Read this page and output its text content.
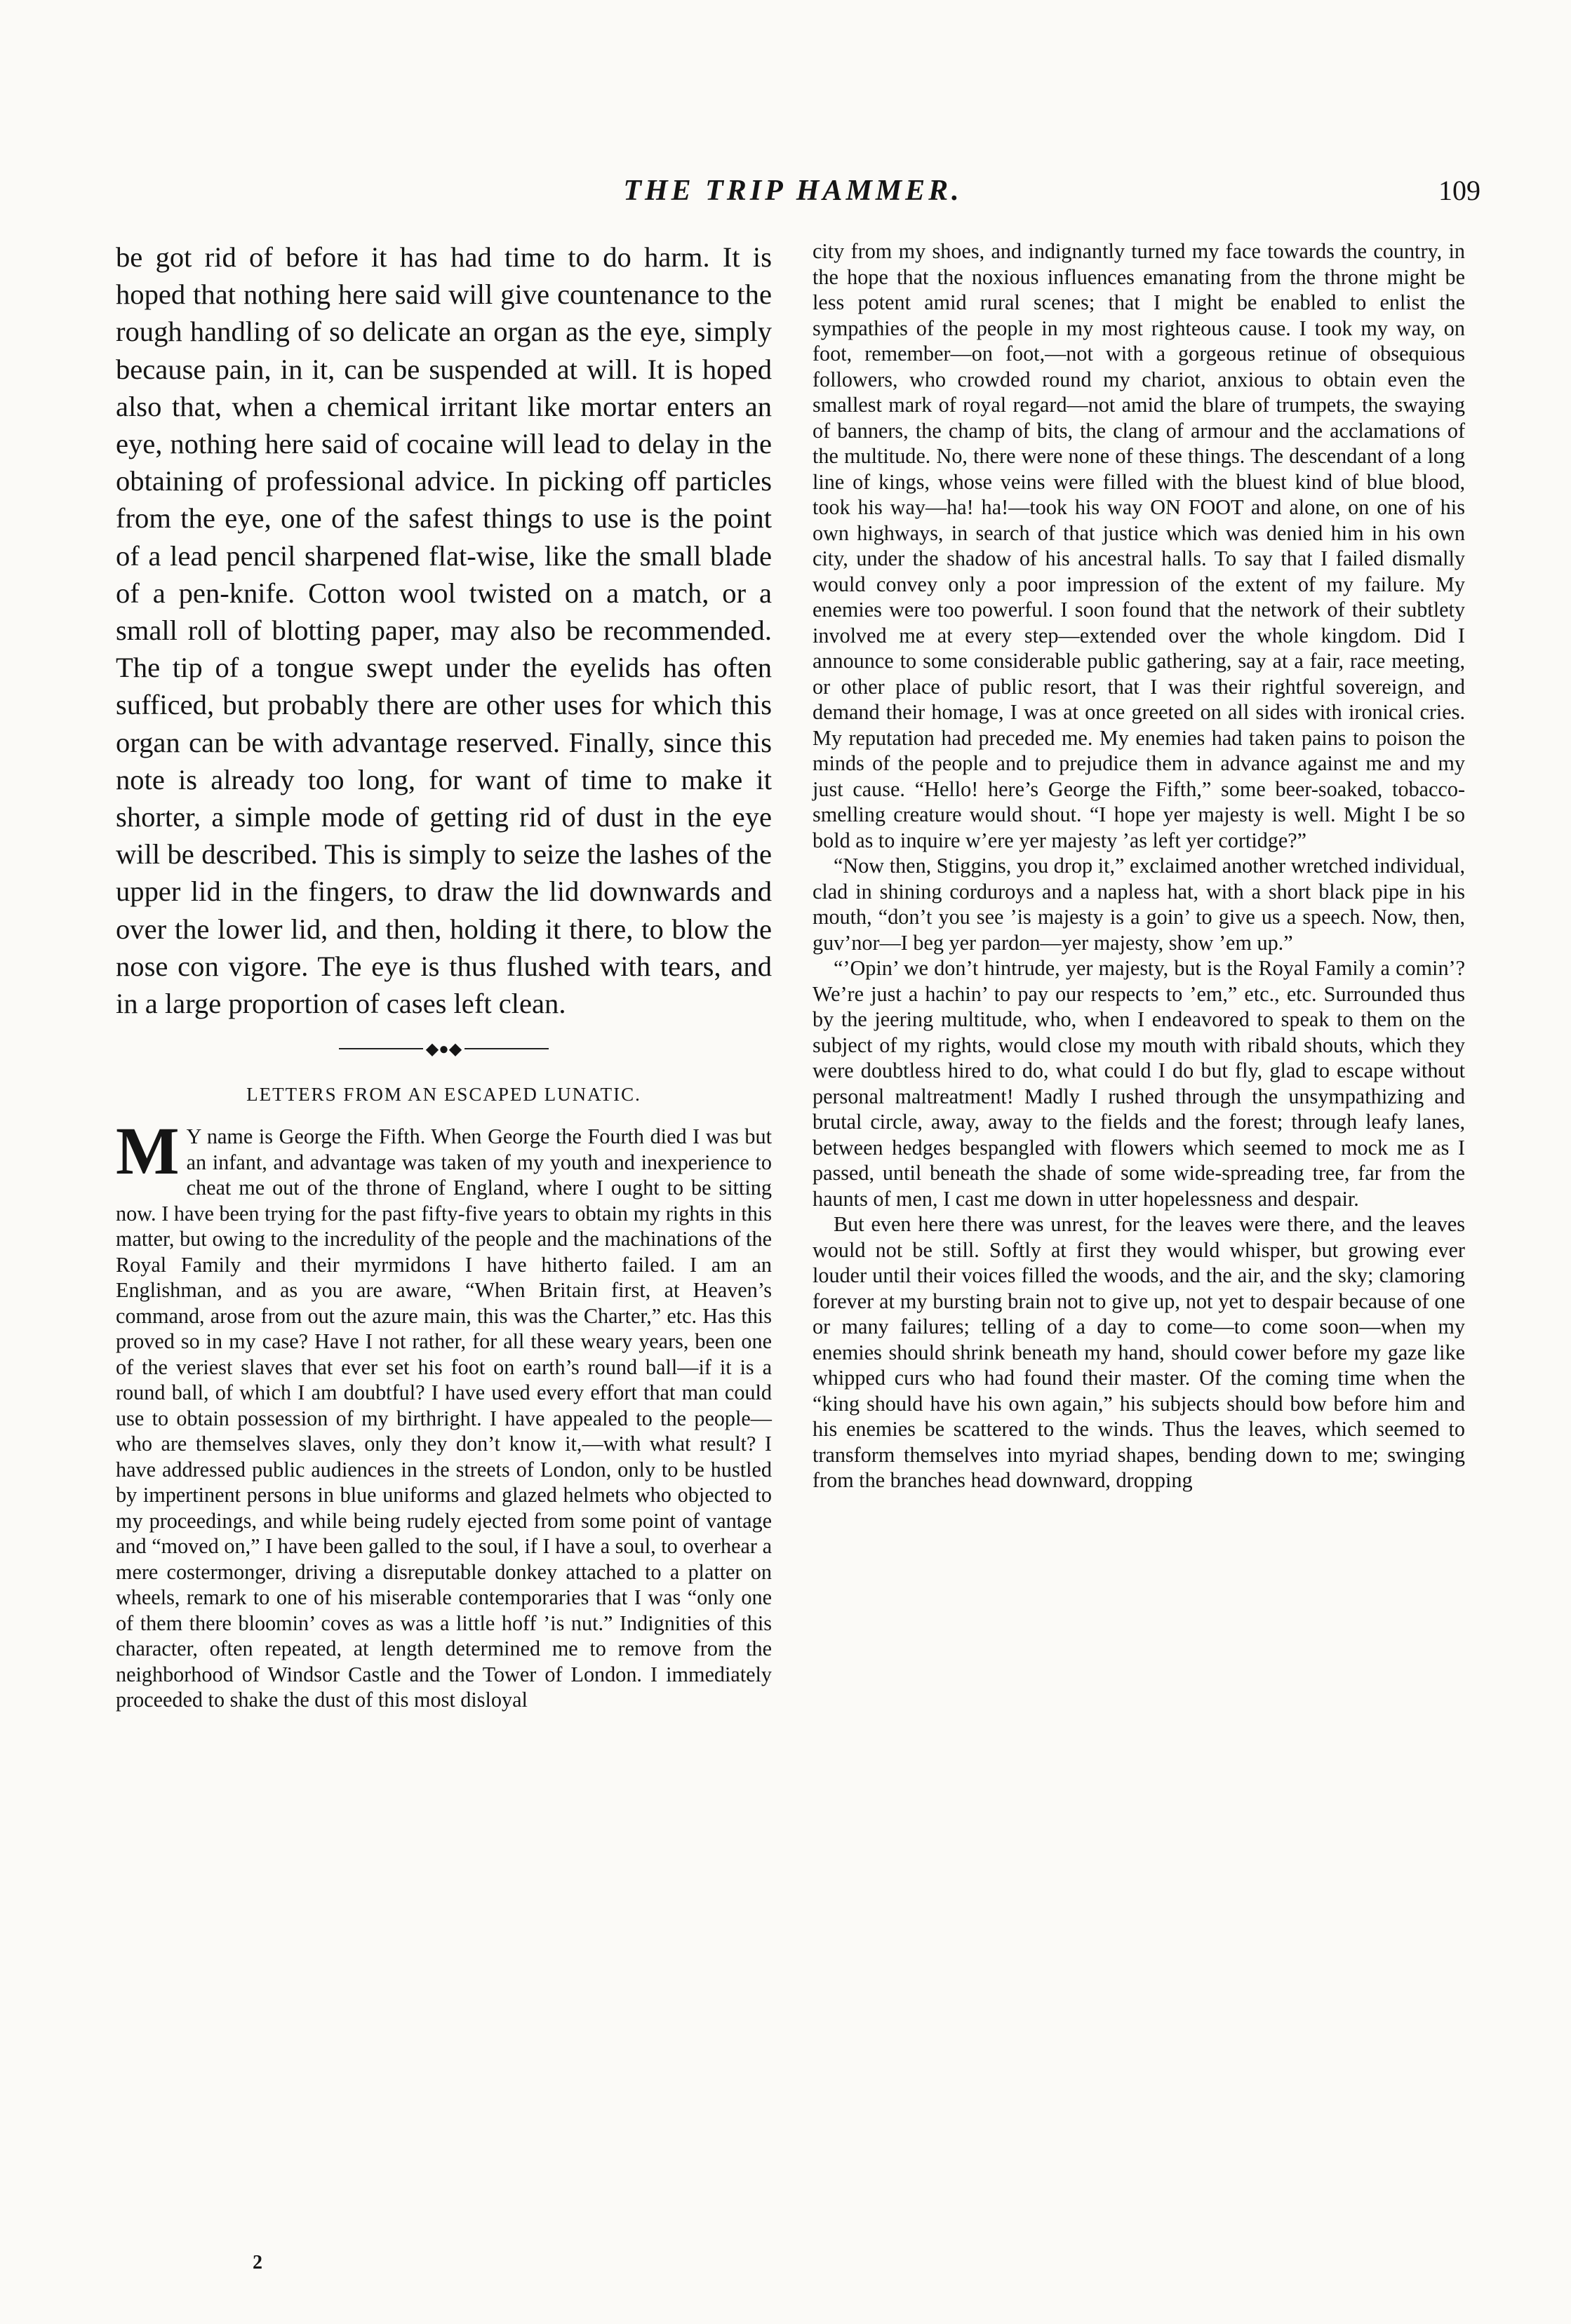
THE TRIP HAMMER.	109

be got rid of before it has had time to do harm. It is hoped that nothing here said will give countenance to the rough handling of so delicate an organ as the eye, simply because pain, in it, can be suspended at will. It is hoped also that, when a chemical irritant like mortar enters an eye, nothing here said of cocaine will lead to delay in the obtaining of professional advice. In picking off particles from the eye, one of the safest things to use is the point of a lead pencil sharpened flat-wise, like the small blade of a pen-knife. Cotton wool twisted on a match, or a small roll of blotting paper, may also be recommended. The tip of a tongue swept under the eyelids has often sufficed, but probably there are other uses for which this organ can be with advantage reserved. Finally, since this note is already too long, for want of time to make it shorter, a simple mode of getting rid of dust in the eye will be described. This is simply to seize the lashes of the upper lid in the fingers, to draw the lid downwards and over the lower lid, and then, holding it there, to blow the nose con vigore. The eye is thus flushed with tears, and in a large proportion of cases left clean.

◆●◆
LETTERS FROM AN ESCAPED LUNATIC.
M Y name is George the Fifth. When George the Fourth died I was but an infant, and advantage was taken of my youth and inexperience to cheat me out of the throne of England, where I ought to be sitting now. I have been trying for the past fifty-five years to obtain my rights in this matter, but owing to the incredulity of the people and the machinations of the Royal Family and their myrmidons I have hitherto failed. I am an Englishman, and as you are aware, “When Britain first, at Heaven’s command, arose from out the azure main, this was the Charter,” etc. Has this proved so in my case? Have I not rather, for all these weary years, been one of the veriest slaves that ever set his foot on earth’s round ball—if it is a round ball, of which I am doubtful? I have used every effort that man could use to obtain possession of my birthright. I have appealed to the people—who are themselves slaves, only they don’t know it,—with what result? I have addressed public audiences in the streets of London, only to be hustled by impertinent persons in blue uniforms and glazed helmets who objected to my proceedings, and while being rudely ejected from some point of vantage and “moved on,” I have been galled to the soul, if I have a soul, to overhear a mere costermonger, driving a disreputable donkey attached to a platter on wheels, remark to one of his miserable contemporaries that I was “only one of them there bloomin’ coves as was a little hoff ’is nut.” Indignities of this character, often repeated, at length determined me to remove from the neighborhood of Windsor Castle and the Tower of London. I immediately proceeded to shake the dust of this most disloyal

city from my shoes, and indignantly turned my face towards the country, in the hope that the noxious influences emanating from the throne might be less potent amid rural scenes; that I might be enabled to enlist the sympathies of the people in my most righteous cause. I took my way, on foot, remember—on foot,—not with a gorgeous retinue of obsequious followers, who crowded round my chariot, anxious to obtain even the smallest mark of royal regard—not amid the blare of trumpets, the swaying of banners, the champ of bits, the clang of armour and the acclamations of the multitude. No, there were none of these things. The descendant of a long line of kings, whose veins were filled with the bluest kind of blue blood, took his way—ha! ha!—took his way ON FOOT and alone, on one of his own highways, in search of that justice which was denied him in his own city, under the shadow of his ancestral halls. To say that I failed dismally would convey only a poor impression of the extent of my failure. My enemies were too powerful. I soon found that the network of their subtlety involved me at every step—extended over the whole kingdom. Did I announce to some considerable public gathering, say at a fair, race meeting, or other place of public resort, that I was their rightful sovereign, and demand their homage, I was at once greeted on all sides with ironical cries. My reputation had preceded me. My enemies had taken pains to poison the minds of the people and to prejudice them in advance against me and my just cause. “Hello! here’s George the Fifth,” some beer-soaked, tobacco-smelling creature would shout. “I hope yer majesty is well. Might I be so bold as to inquire w’ere yer majesty ’as left yer cortidge?”

“Now then, Stiggins, you drop it,” exclaimed another wretched individual, clad in shining corduroys and a napless hat, with a short black pipe in his mouth, “don’t you see ’is majesty is a goin’ to give us a speech. Now, then, guv’nor—I beg yer pardon—yer majesty, show ’em up.”

“’Opin’ we don’t hintrude, yer majesty, but is the Royal Family a comin’? We’re just a hachin’ to pay our respects to ’em,” etc., etc. Surrounded thus by the jeering multitude, who, when I endeavored to speak to them on the subject of my rights, would close my mouth with ribald shouts, which they were doubtless hired to do, what could I do but fly, glad to escape without personal maltreatment! Madly I rushed through the unsympathizing and brutal circle, away, away to the fields and the forest; through leafy lanes, between hedges bespangled with flowers which seemed to mock me as I passed, until beneath the shade of some wide-spreading tree, far from the haunts of men, I cast me down in utter hopelessness and despair.

But even here there was unrest, for the leaves were there, and the leaves would not be still. Softly at first they would whisper, but growing ever louder until their voices filled the woods, and the air, and the sky; clamoring forever at my bursting brain not to give up, not yet to despair because of one or many failures; telling of a day to come—to come soon—when my enemies should shrink beneath my hand, should cower before my gaze like whipped curs who had found their master. Of the coming time when the “king should have his own again,” his subjects should bow before him and his enemies be scattered to the winds. Thus the leaves, which seemed to transform themselves into myriad shapes, bending down to me; swinging from the branches head downward, dropping

2
